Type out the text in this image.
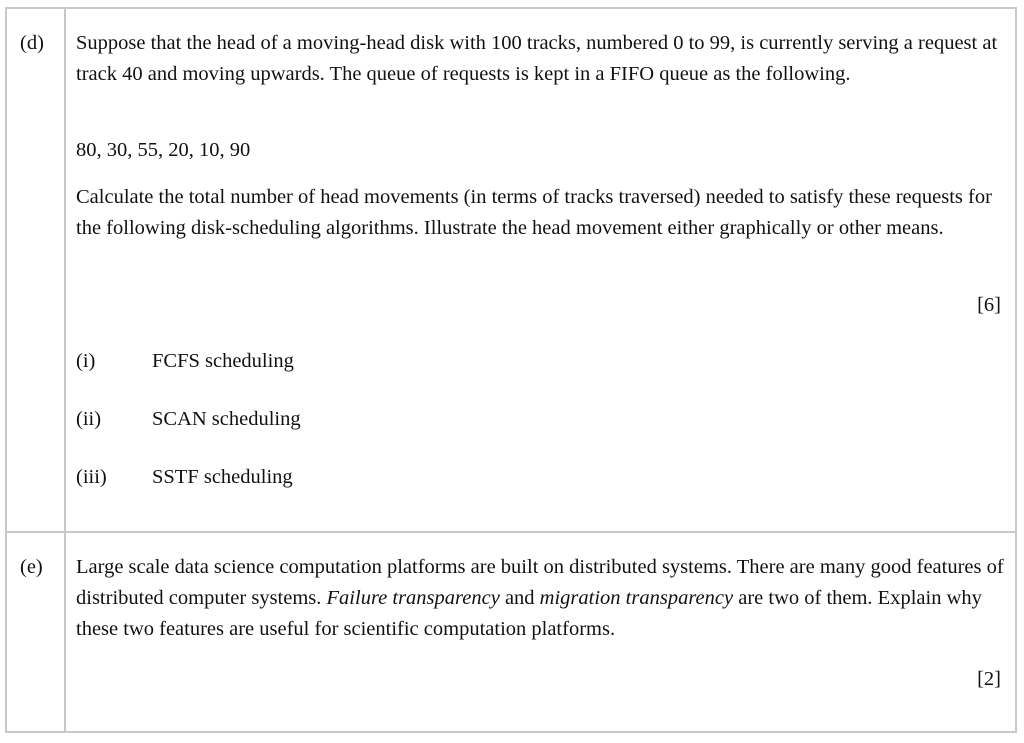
(d) Suppose that the head of a moving-head disk with 100 tracks, numbered 0 to 99, is currently serving a request at track 40 and moving upwards. The queue of requests is kept in a FIFO queue as the following.

80, 30, 55, 20, 10, 90

Calculate the total number of head movements (in terms of tracks traversed) needed to satisfy these requests for the following disk-scheduling algorithms. Illustrate the head movement either graphically or other means.

[6]
(i)	FCFS scheduling
(ii) SCAN scheduling
(iii) SSTF scheduling
(e) Large scale data science computation platforms are built on distributed systems. There are many good features of distributed computer systems. Failure transparency and migration transparency are two of them. Explain why these two features are useful for scientific computation platforms.

[2]
